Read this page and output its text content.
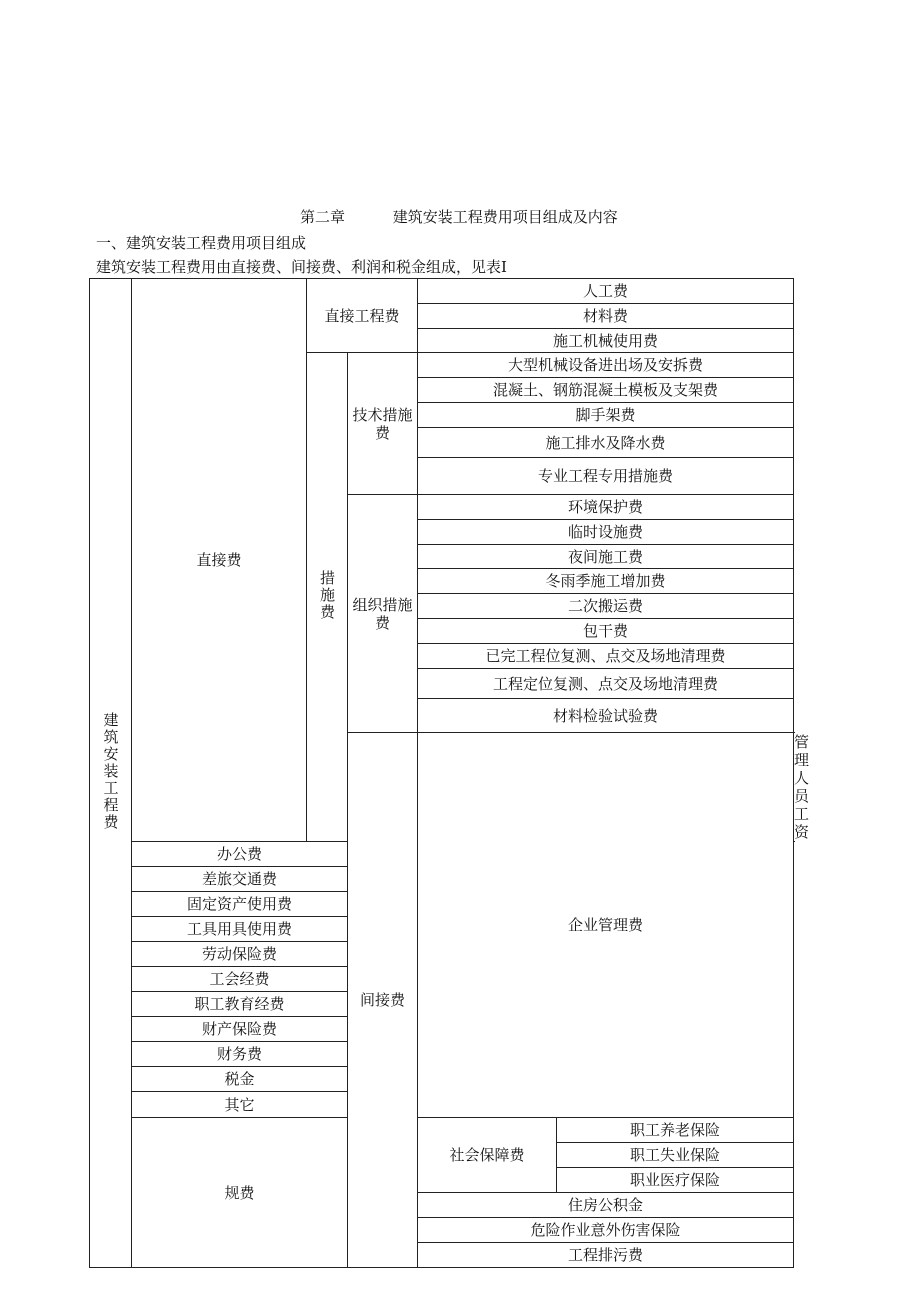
第二章	建筑安装工程费用项目组成及内容
一、建筑安装工程费用项目组成
建筑安装工程费用由直接费、间接费、利润和税金组成，见表Ⅰ
建筑安装工程费	直接费	直接工程费		人工费		
				材料费		
				施工机械使用费		
		措施费	技术措施费	大型机械设备进出场及安拆费		
				混凝土、钢筋混凝土模板及支架费		
				脚手架费		
				施工排水及降水费		
				专业工程专用措施费		
			组织措施费	环境保护费		
				临时设施费		
				夜间施工费		
				冬雨季施工增加费		
				二次搬运费		
				包干费		
				已完工程位复测、点交及场地清理费		
				工程定位复测、点交及场地清理费		
				材料检验试验费		
			间接费	企业管理费		管理人员工资
	办公费					
	差旅交通费					
	固定资产使用费					
	工具用具使用费					
	劳动保险费					
	工会经费					
	职工教育经费					
	财产保险费					
	财务费					
	税金					
	其它					
	规费			社会保障费	职工养老保险	
					职工失业保险	
					职业医疗保险	
				住房公积金		
				危险作业意外伤害保险		
				工程排污费		
